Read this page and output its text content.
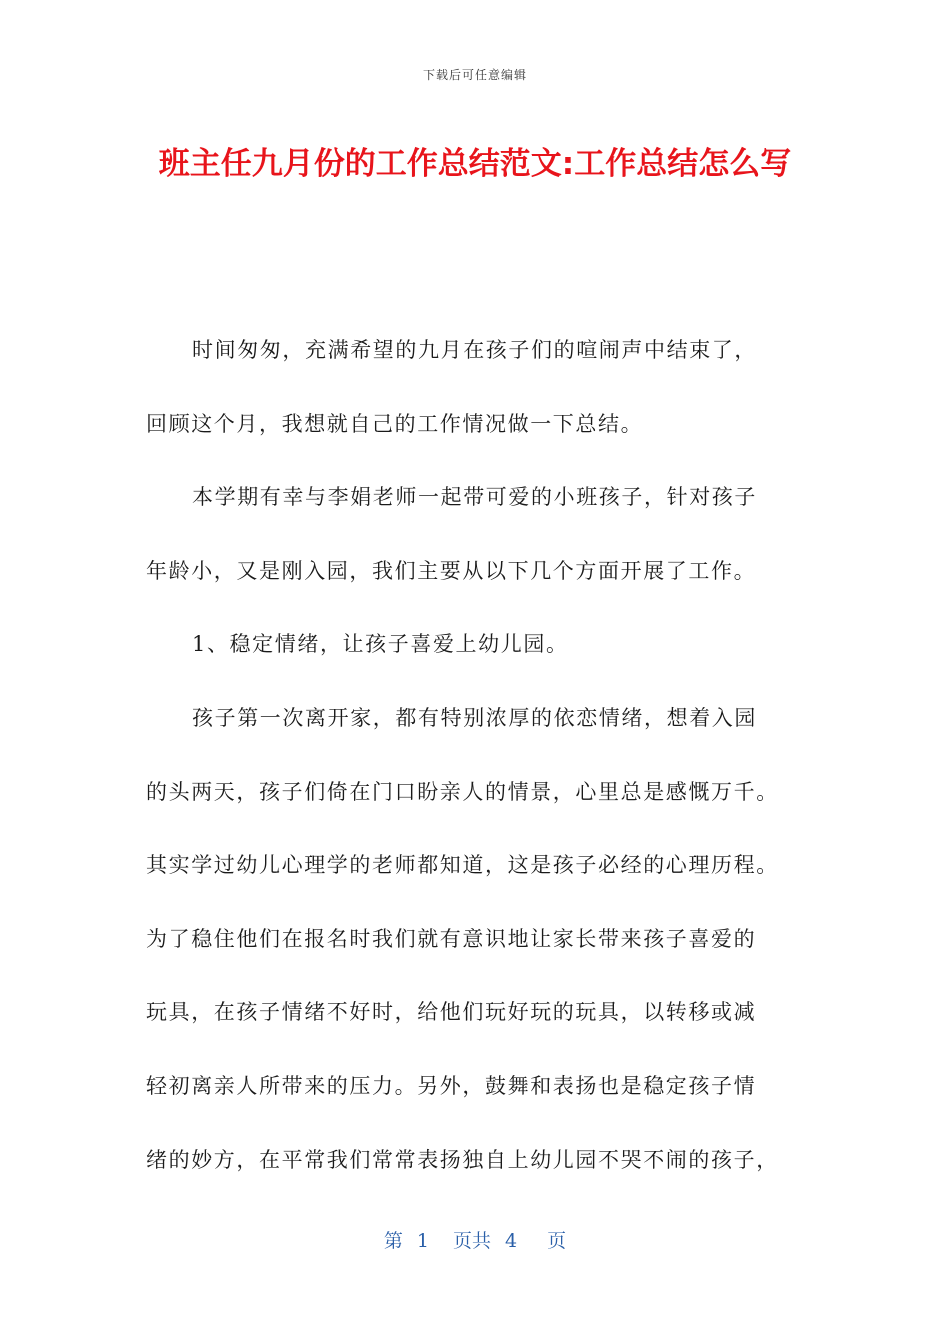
下载后可任意编辑
班主任九月份的工作总结范文:工作总结怎么写
时间匆匆，充满希望的九月在孩子们的喧闹声中结束了，
回顾这个月，我想就自己的工作情况做一下总结。
本学期有幸与李娟老师一起带可爱的小班孩子，针对孩子
年龄小，又是刚入园，我们主要从以下几个方面开展了工作。
1、稳定情绪，让孩子喜爱上幼儿园。
孩子第一次离开家，都有特别浓厚的依恋情绪，想着入园
的头两天，孩子们倚在门口盼亲人的情景，心里总是感慨万千。
其实学过幼儿心理学的老师都知道，这是孩子必经的心理历程。
为了稳住他们在报名时我们就有意识地让家长带来孩子喜爱的
玩具，在孩子情绪不好时，给他们玩好玩的玩具，以转移或减
轻初离亲人所带来的压力。另外，鼓舞和表扬也是稳定孩子情
绪的妙方，在平常我们常常表扬独自上幼儿园不哭不闹的孩子，
第 1 页共 4 页
